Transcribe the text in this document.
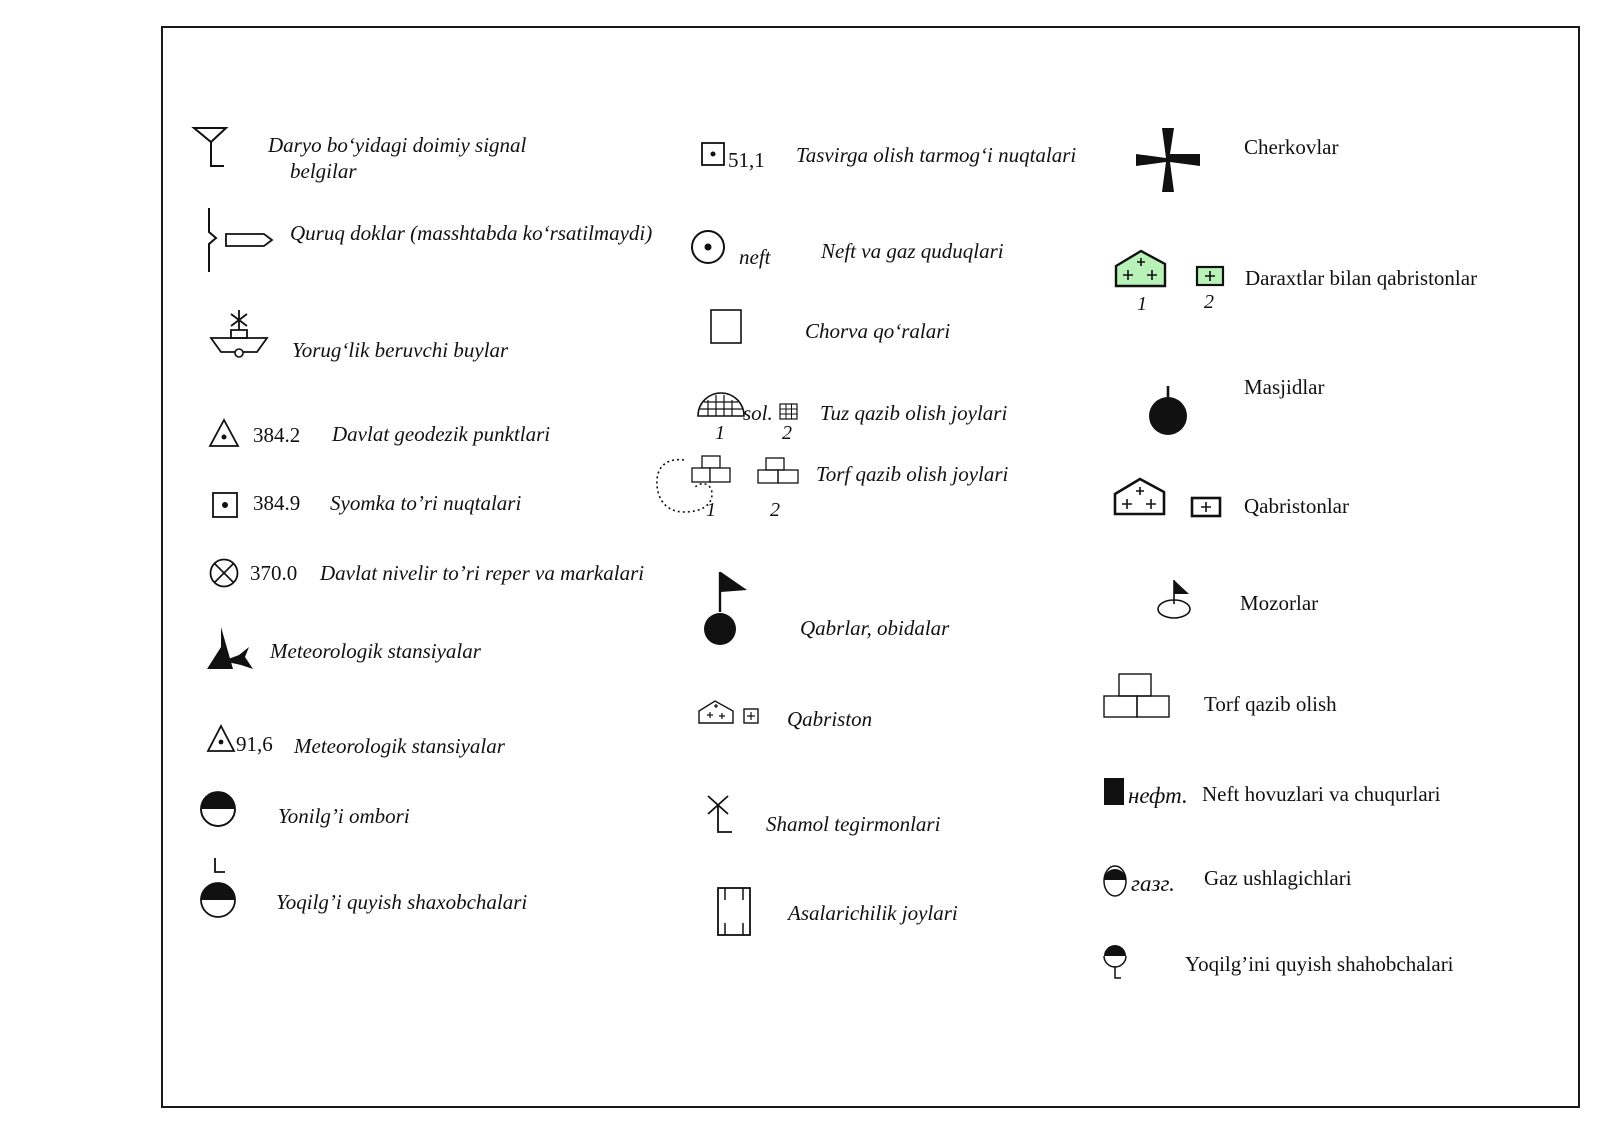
Daryo bo‘yidagi doimiy signal
belgilar
Quruq doklar (masshtabda ko‘rsatilmaydi)
Yorug‘lik beruvchi buylar
384.2 Davlat geodezik punktlari
384.9 Syomka to’ri nuqtalari
370.0 Davlat nivelir to’ri reper va markalari
Meteorologik stansiyalar
91,6 Meteorologik stansiyalar
Yonilg’i ombori
Yoqilg’i quyish shaxobchalari
51,1 Tasvirga olish tarmog‘i nuqtalari
neft Neft va gaz quduqlari
Chorva qo‘ralari
sol.
1	2
Tuz qazib olish joylari
1	2
Torf qazib olish joylari
Qabrlar, obidalar
Qabriston
Shamol tegirmonlari
Asalarichilik joylari
Cherkovlar
1	2
Daraxtlar bilan qabristonlar
Masjidlar
Qabristonlar
Mozorlar
Torf qazib olish
нефт. Neft hovuzlari va chuqurlari
газг. Gaz ushlagichlari
Yoqilg’ini quyish shahobchalari
